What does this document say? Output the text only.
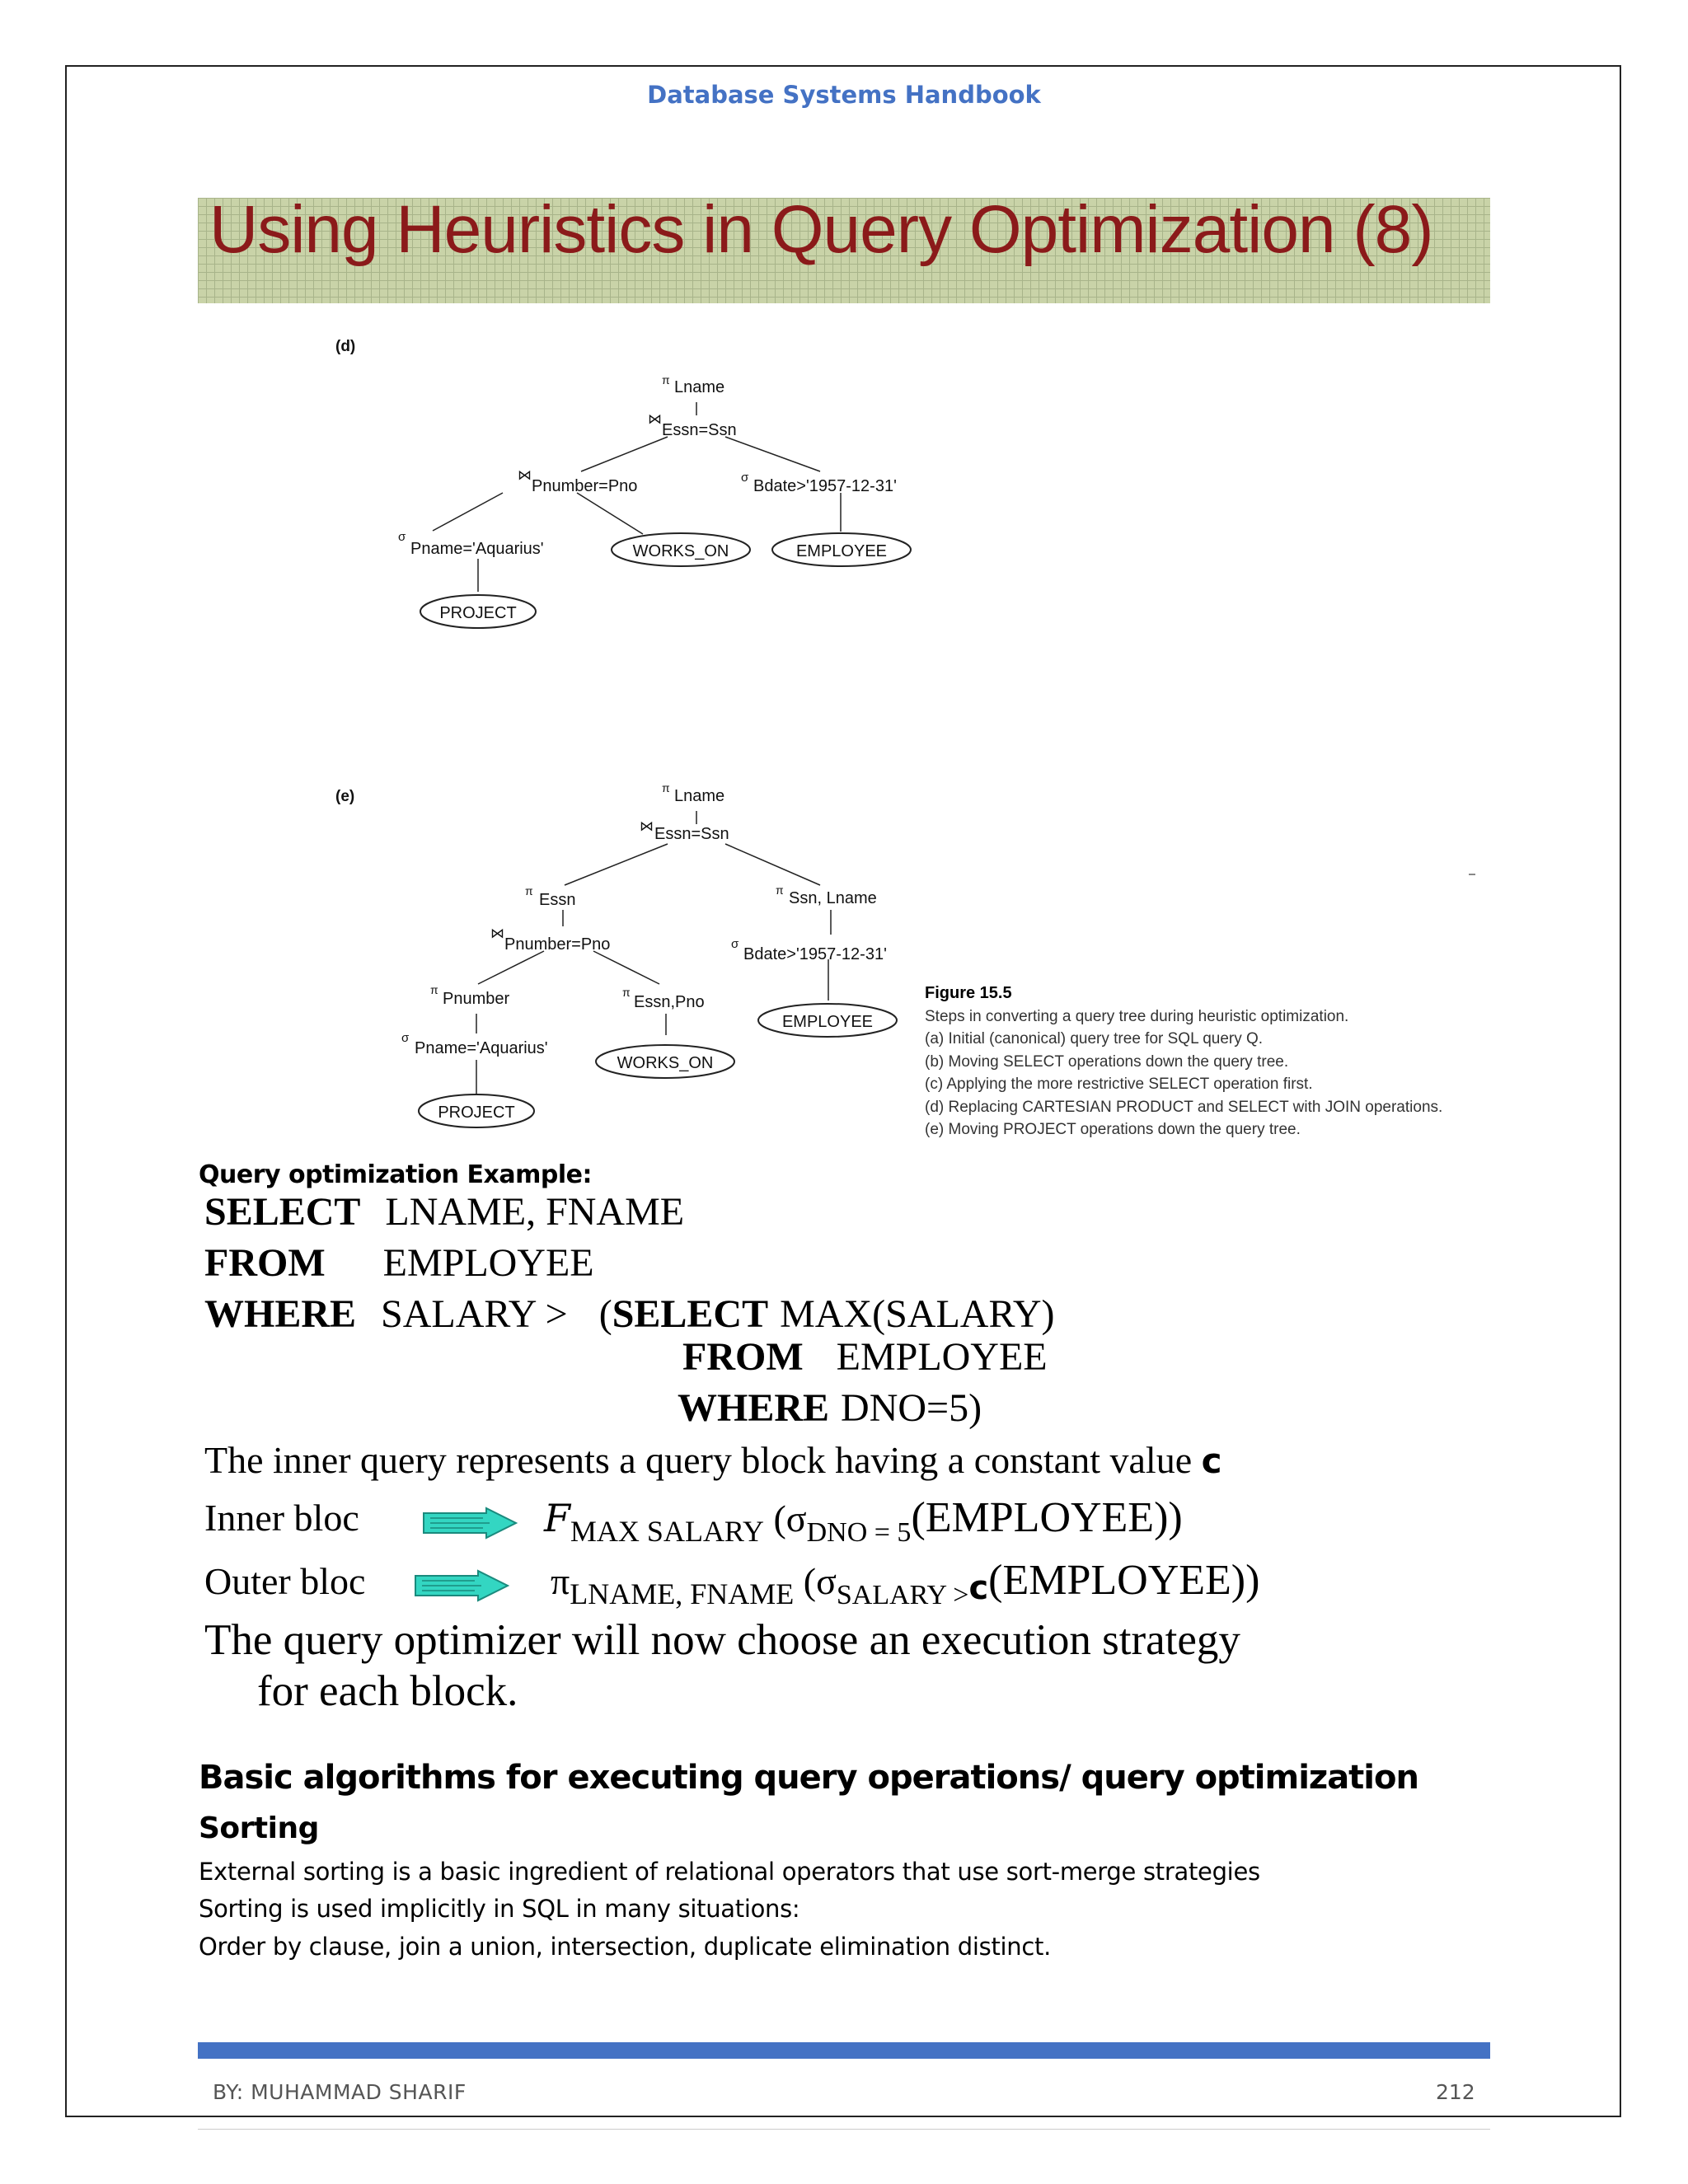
Database Systems Handbook
Using Heuristics in Query Optimization (8)
(d)
π Lname
⋈
Essn=Ssn
⋈
Pnumber=Pno	σ Bdate>'1957-12-31'
σ
Pname='Aquarius'	WORKS_ON	EMPLOYEE
PROJECT
(e)	π Lname
⋈ Essn=Ssn
π Essn
π Ssn, Lname
⋈
Pnumber=Pno	σ
Bdate>'1957-12-31'
π Pnumber	π
Essn,Pno
EMPLOYEE
σ
Pname='Aquarius'
WORKS_ON
PROJECT
Figure 15.5
Steps in converting a query tree during heuristic optimization.
(a) Initial (canonical) query tree for SQL query Q.
(b) Moving SELECT operations down the query tree.
(c) Applying the more restrictive SELECT operation first.
(d) Replacing CARTESIAN PRODUCT and SELECT with JOIN operations.
(e) Moving PROJECT operations down the query tree.
Query optimization Example:
SELECT LNAME, FNAME
FROM EMPLOYEE
WHERE SALARY > (SELECT MAX(SALARY)
FROM EMPLOYEE
WHERE DNO=5)
The inner query represents a query block having a constant value c
Inner bloc	$F_{MAX SALARY}$ $(\sigma_{DNO = 5}(EMPLOYEE))$
Outer bloc	$\pi_{LNAME, FNAME}$ $(\sigma_{SALARY >}c(EMPLOYEE))$
The query optimizer will now choose an execution strategy
for each block.
Basic algorithms for executing query operations/ query optimization
Sorting
External sorting is a basic ingredient of relational operators that use sort-merge strategies
Sorting is used implicitly in SQL in many situations:
Order by clause, join a union, intersection, duplicate elimination distinct.
BY: MUHAMMAD SHARIF	212
